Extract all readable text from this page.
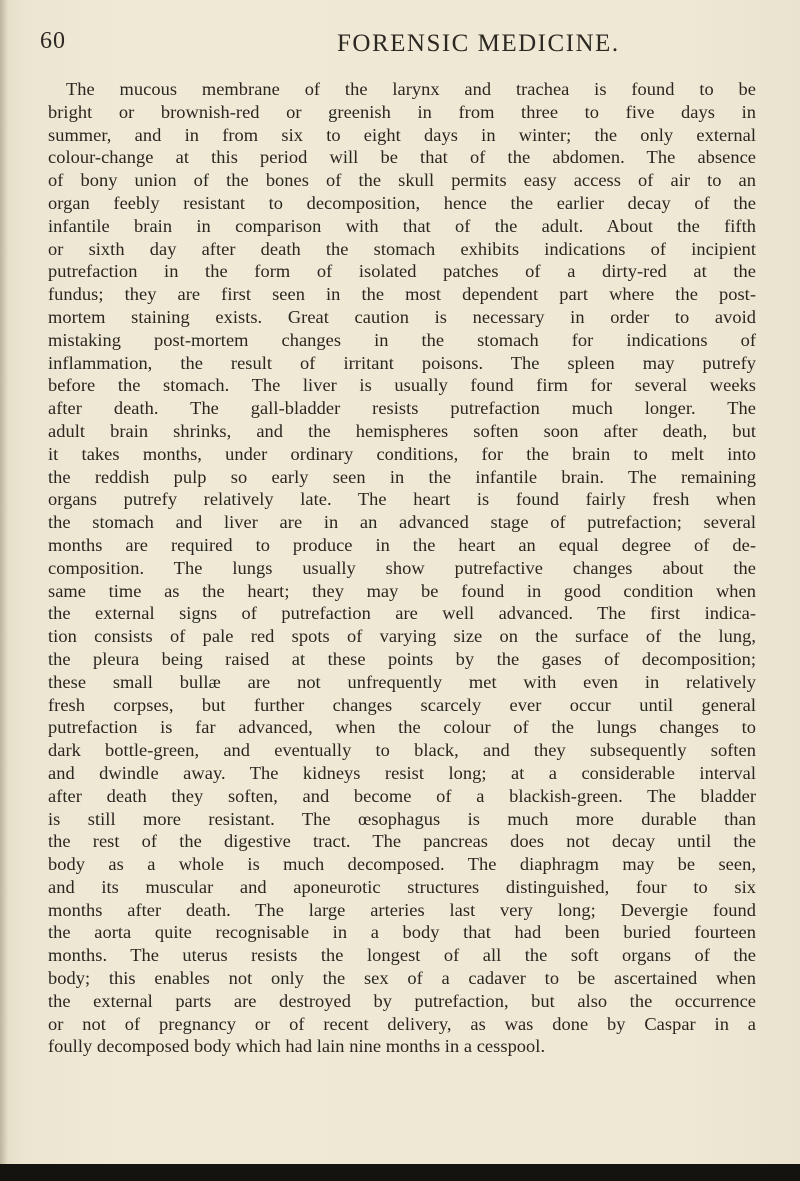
60	FORENSIC MEDICINE.
The mucous membrane of the larynx and trachea is found to be
bright or brownish-red or greenish in from three to five days in
summer, and in from six to eight days in winter; the only external
colour-change at this period will be that of the abdomen. The absence
of bony union of the bones of the skull permits easy access of air to an
organ feebly resistant to decomposition, hence the earlier decay of the
infantile brain in comparison with that of the adult. About the fifth
or sixth day after death the stomach exhibits indications of incipient
putrefaction in the form of isolated patches of a dirty-red at the
fundus; they are first seen in the most dependent part where the post-
mortem staining exists. Great caution is necessary in order to avoid
mistaking post-mortem changes in the stomach for indications of
inflammation, the result of irritant poisons. The spleen may putrefy
before the stomach. The liver is usually found firm for several weeks
after death. The gall-bladder resists putrefaction much longer. The
adult brain shrinks, and the hemispheres soften soon after death, but
it takes months, under ordinary conditions, for the brain to melt into
the reddish pulp so early seen in the infantile brain. The remaining
organs putrefy relatively late. The heart is found fairly fresh when
the stomach and liver are in an advanced stage of putrefaction; several
months are required to produce in the heart an equal degree of de-
composition. The lungs usually show putrefactive changes about the
same time as the heart; they may be found in good condition when
the external signs of putrefaction are well advanced. The first indica-
tion consists of pale red spots of varying size on the surface of the lung,
the pleura being raised at these points by the gases of decomposition;
these small bullæ are not unfrequently met with even in relatively
fresh corpses, but further changes scarcely ever occur until general
putrefaction is far advanced, when the colour of the lungs changes to
dark bottle-green, and eventually to black, and they subsequently soften
and dwindle away. The kidneys resist long; at a considerable interval
after death they soften, and become of a blackish-green. The bladder
is still more resistant. The œsophagus is much more durable than
the rest of the digestive tract. The pancreas does not decay until the
body as a whole is much decomposed. The diaphragm may be seen,
and its muscular and aponeurotic structures distinguished, four to six
months after death. The large arteries last very long; Devergie found
the aorta quite recognisable in a body that had been buried fourteen
months. The uterus resists the longest of all the soft organs of the
body; this enables not only the sex of a cadaver to be ascertained when
the external parts are destroyed by putrefaction, but also the occurrence
or not of pregnancy or of recent delivery, as was done by Caspar in a
foully decomposed body which had lain nine months in a cesspool.
